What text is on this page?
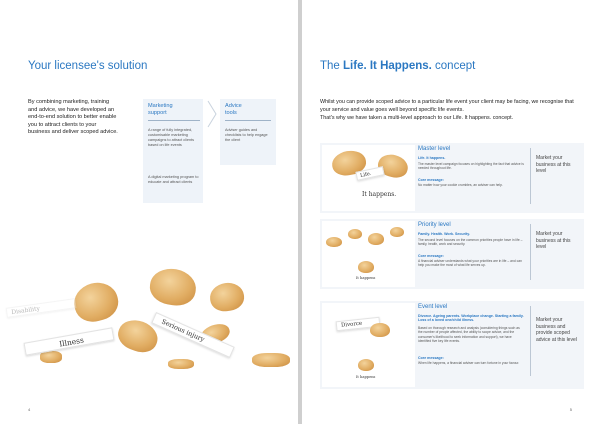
Your licensee's solution
By combining marketing, training and advice, we have developed an end-to-end solution to better enable you to attract clients to your business and deliver scoped advice.
Marketing
support
A range of fully integrated, customisable marketing campaigns to attract clients based on life events
A digital marketing program to educate and attract clients
Advice
tools
Adviser guides and checklists to help engage the client
Disability
Illness	Serious injury
4
The Life. It Happens. concept
Whilst you can provide scoped advice to a particular life event your client may be facing, we recognise that your service and value goes well beyond specific life events.
That's why we have taken a multi-level approach to our Life. It happens. concept.
Life.
It happens.
Master level
Life. It happens.
The master level campaign focuses on highlighting the fact that advice is needed throughout life.
Core message:
No matter how your cookie crumbles, an adviser can help.
Market your business at this level
It happens
Priority level
Family. Health. Work. Security.
The second level focuses on the common priorities people have in life – family, health, work and security.
Core message:
A financial adviser understands what your priorities are in life – and can help you make the most of what life serves up.
Market your business at this level
Divorce
It happens
Event level
Divorce. Ageing parents. Workplace change. Starting a family. Loss of a loved one/child illness.
Based on thorough research and analysis (considering things such as the number of people affected, the ability to scope advice, and the consumer's likelihood to seek information and support), we have identified five key life events.
Core message:
When life happens, a financial adviser can turn fortune in your favour.
Market your business and provide scoped advice at this level
5
